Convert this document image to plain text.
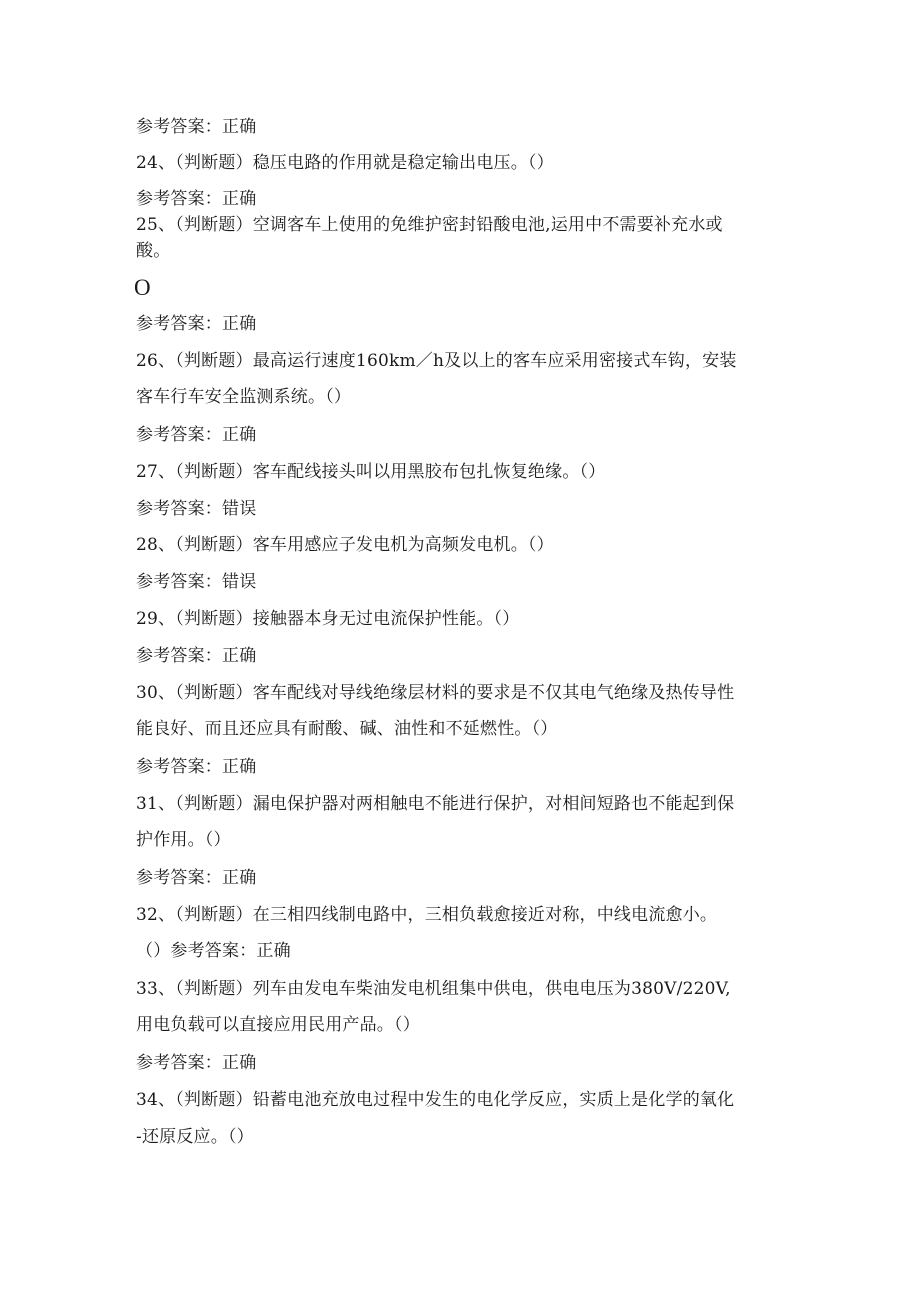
参考答案：正确
24、（判断题）稳压电路的作用就是稳定输出电压。（）
参考答案：正确
25、（判断题）空调客车上使用的免维护密封铅酸电池,运用中不需要补充水或
酸。
O
参考答案：正确
26、（判断题）最高运行速度160km／h及以上的客车应采用密接式车钩，安装
客车行车安全监测系统。（）
参考答案：正确
27、（判断题）客车配线接头叫以用黑胶布包扎恢复绝缘。（）
参考答案：错误
28、（判断题）客车用感应子发电机为高频发电机。（）
参考答案：错误
29、（判断题）接触器本身无过电流保护性能。（）
参考答案：正确
30、（判断题）客车配线对导线绝缘层材料的要求是不仅其电气绝缘及热传导性
能良好、而且还应具有耐酸、碱、油性和不延燃性。（）
参考答案：正确
31、（判断题）漏电保护器对两相触电不能进行保护，对相间短路也不能起到保
护作用。（）
参考答案：正确
32、（判断题）在三相四线制电路中，三相负载愈接近对称，中线电流愈小。
（）参考答案：正确
33、（判断题）列车由发电车柴油发电机组集中供电，供电电压为380V/220V,
用电负载可以直接应用民用产品。（）
参考答案：正确
34、（判断题）铅蓄电池充放电过程中发生的电化学反应，实质上是化学的氧化
-还原反应。（）
